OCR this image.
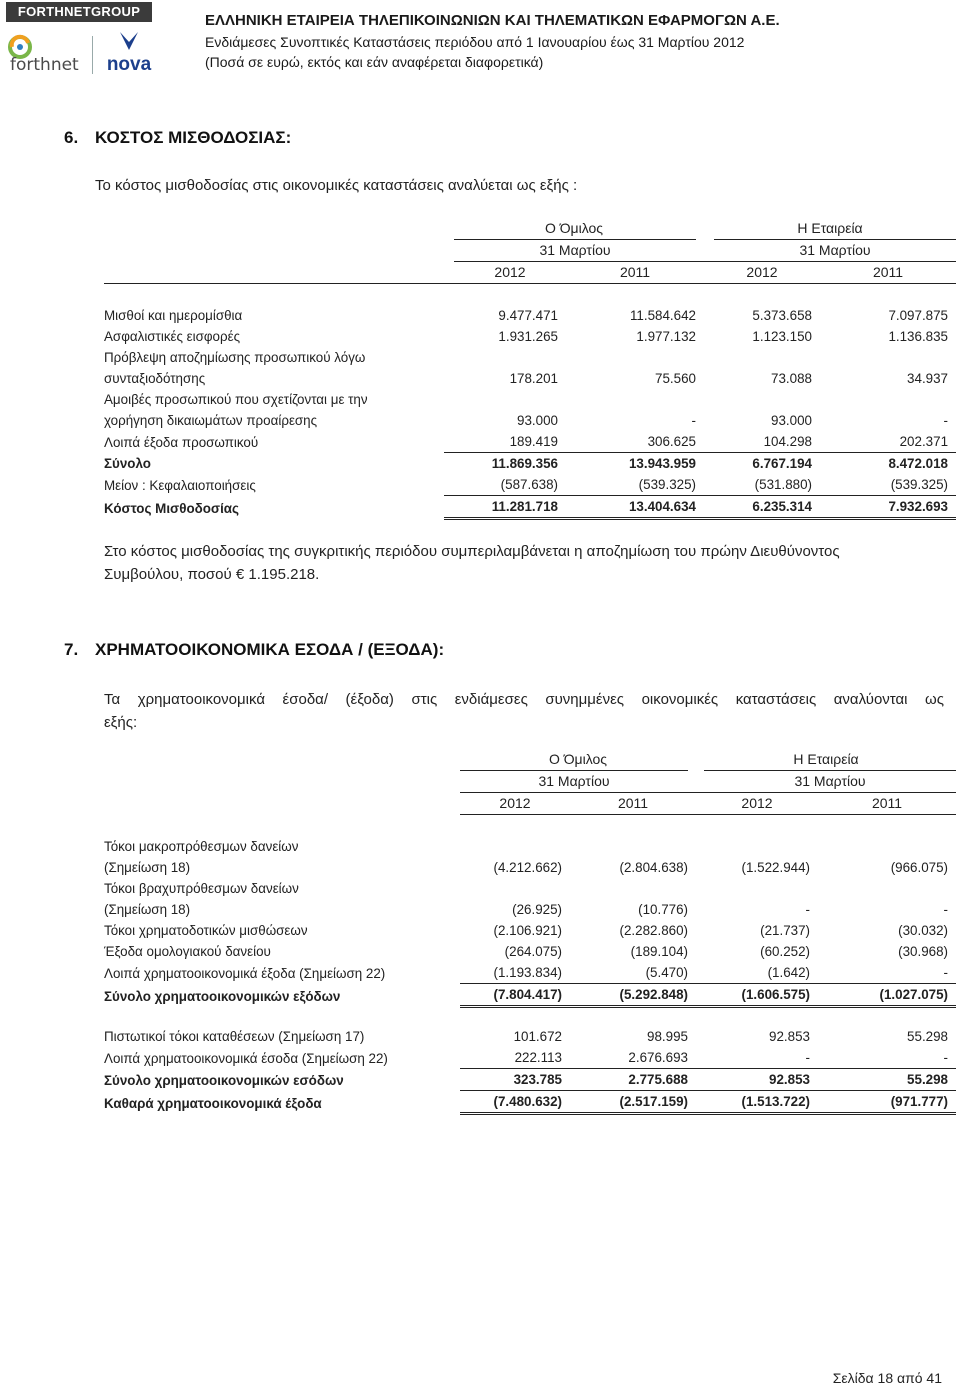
FORTHNETGROUP
forthnet nova
ΕΛΛΗΝΙΚΗ ΕΤΑΙΡΕΙΑ ΤΗΛΕΠΙΚΟΙΝΩΝΙΩΝ ΚΑΙ ΤΗΛΕΜΑΤΙΚΩΝ ΕΦΑΡΜΟΓΩΝ Α.Ε.
Ενδιάμεσες Συνοπτικές Καταστάσεις περιόδου από 1 Ιανουαρίου έως 31 Μαρτίου 2012
(Ποσά σε ευρώ, εκτός και εάν αναφέρεται διαφορετικά)
6. ΚΟΣΤΟΣ ΜΙΣΘΟΔΟΣΙΑΣ:
Το κόστος μισθοδοσίας στις οικονομικές καταστάσεις αναλύεται ως εξής :
	Ο Όμιλος		Η Εταιρεία	

	31 Μαρτίου		31 Μαρτίου	

	2012 2011 2012 2011			

Μισθοί και ημερομίσθια	9.477.471	11.584.642	5.373.658	7.097.875
Ασφαλιστικές εισφορές	1.931.265	1.977.132	1.123.150	1.136.835
Πρόβλεψη αποζημίωσης προσωπικού λόγω				
συνταξιοδότησης	178.201	75.560	73.088	34.937
Αμοιβές προσωπικού που σχετίζονται με την				
χορήγηση δικαιωμάτων προαίρεσης	93.000	-	93.000	-
Λοιπά έξοδα προσωπικού	189.419	306.625	104.298	202.371
Σύνολο	11.869.356	13.943.959	6.767.194	8.472.018
Μείον : Κεφαλαιοποιήσεις	(587.638)	(539.325)	(531.880)	(539.325)
Κόστος Μισθοδοσίας	11.281.718	13.404.634	6.235.314	7.932.693
Στο κόστος μισθοδοσίας της συγκριτικής περιόδου συμπεριλαμβάνεται η αποζημίωση του πρώην Διευθύνοντος
Συμβούλου, ποσού € 1.195.218.
7. ΧΡΗΜΑΤΟΟΙΚΟΝΟΜΙΚΑ ΕΣΟΔΑ / (ΕΞΟΔΑ):
Τα χρηματοοικονομικά έσοδα/ (έξοδα) στις ενδιάμεσες συνημμένες οικονομικές καταστάσεις αναλύονται ως
εξής:
	Ο Όμιλος		Η Εταιρεία	

	31 Μαρτίου		31 Μαρτίου	

	2012 2011 2012 2011			

Τόκοι μακροπρόθεσμων δανείων				
(Σημείωση 18)	(4.212.662)	(2.804.638)	(1.522.944)	(966.075)
Τόκοι βραχυπρόθεσμων δανείων				
(Σημείωση 18)	(26.925)	(10.776)	-	-
Τόκοι χρηματοδοτικών μισθώσεων	(2.106.921)	(2.282.860)	(21.737)	(30.032)
Έξοδα ομολογιακού δανείου	(264.075)	(189.104)	(60.252)	(30.968)
Λοιπά χρηματοοικονομικά έξοδα (Σημείωση 22)	(1.193.834)	(5.470)	(1.642)	-
Σύνολο χρηματοοικονομικών εξόδων	(7.804.417)	(5.292.848)	(1.606.575)	(1.027.075)

Πιστωτικοί τόκοι καταθέσεων (Σημείωση 17)	101.672	98.995	92.853	55.298
Λοιπά χρηματοοικονομικά έσοδα (Σημείωση 22)	222.113	2.676.693	-	-
Σύνολο χρηματοοικονομικών εσόδων	323.785	2.775.688	92.853	55.298
Καθαρά χρηματοοικονομικά έξοδα	(7.480.632)	(2.517.159)	(1.513.722)	(971.777)
Σελίδα 18 από 41
